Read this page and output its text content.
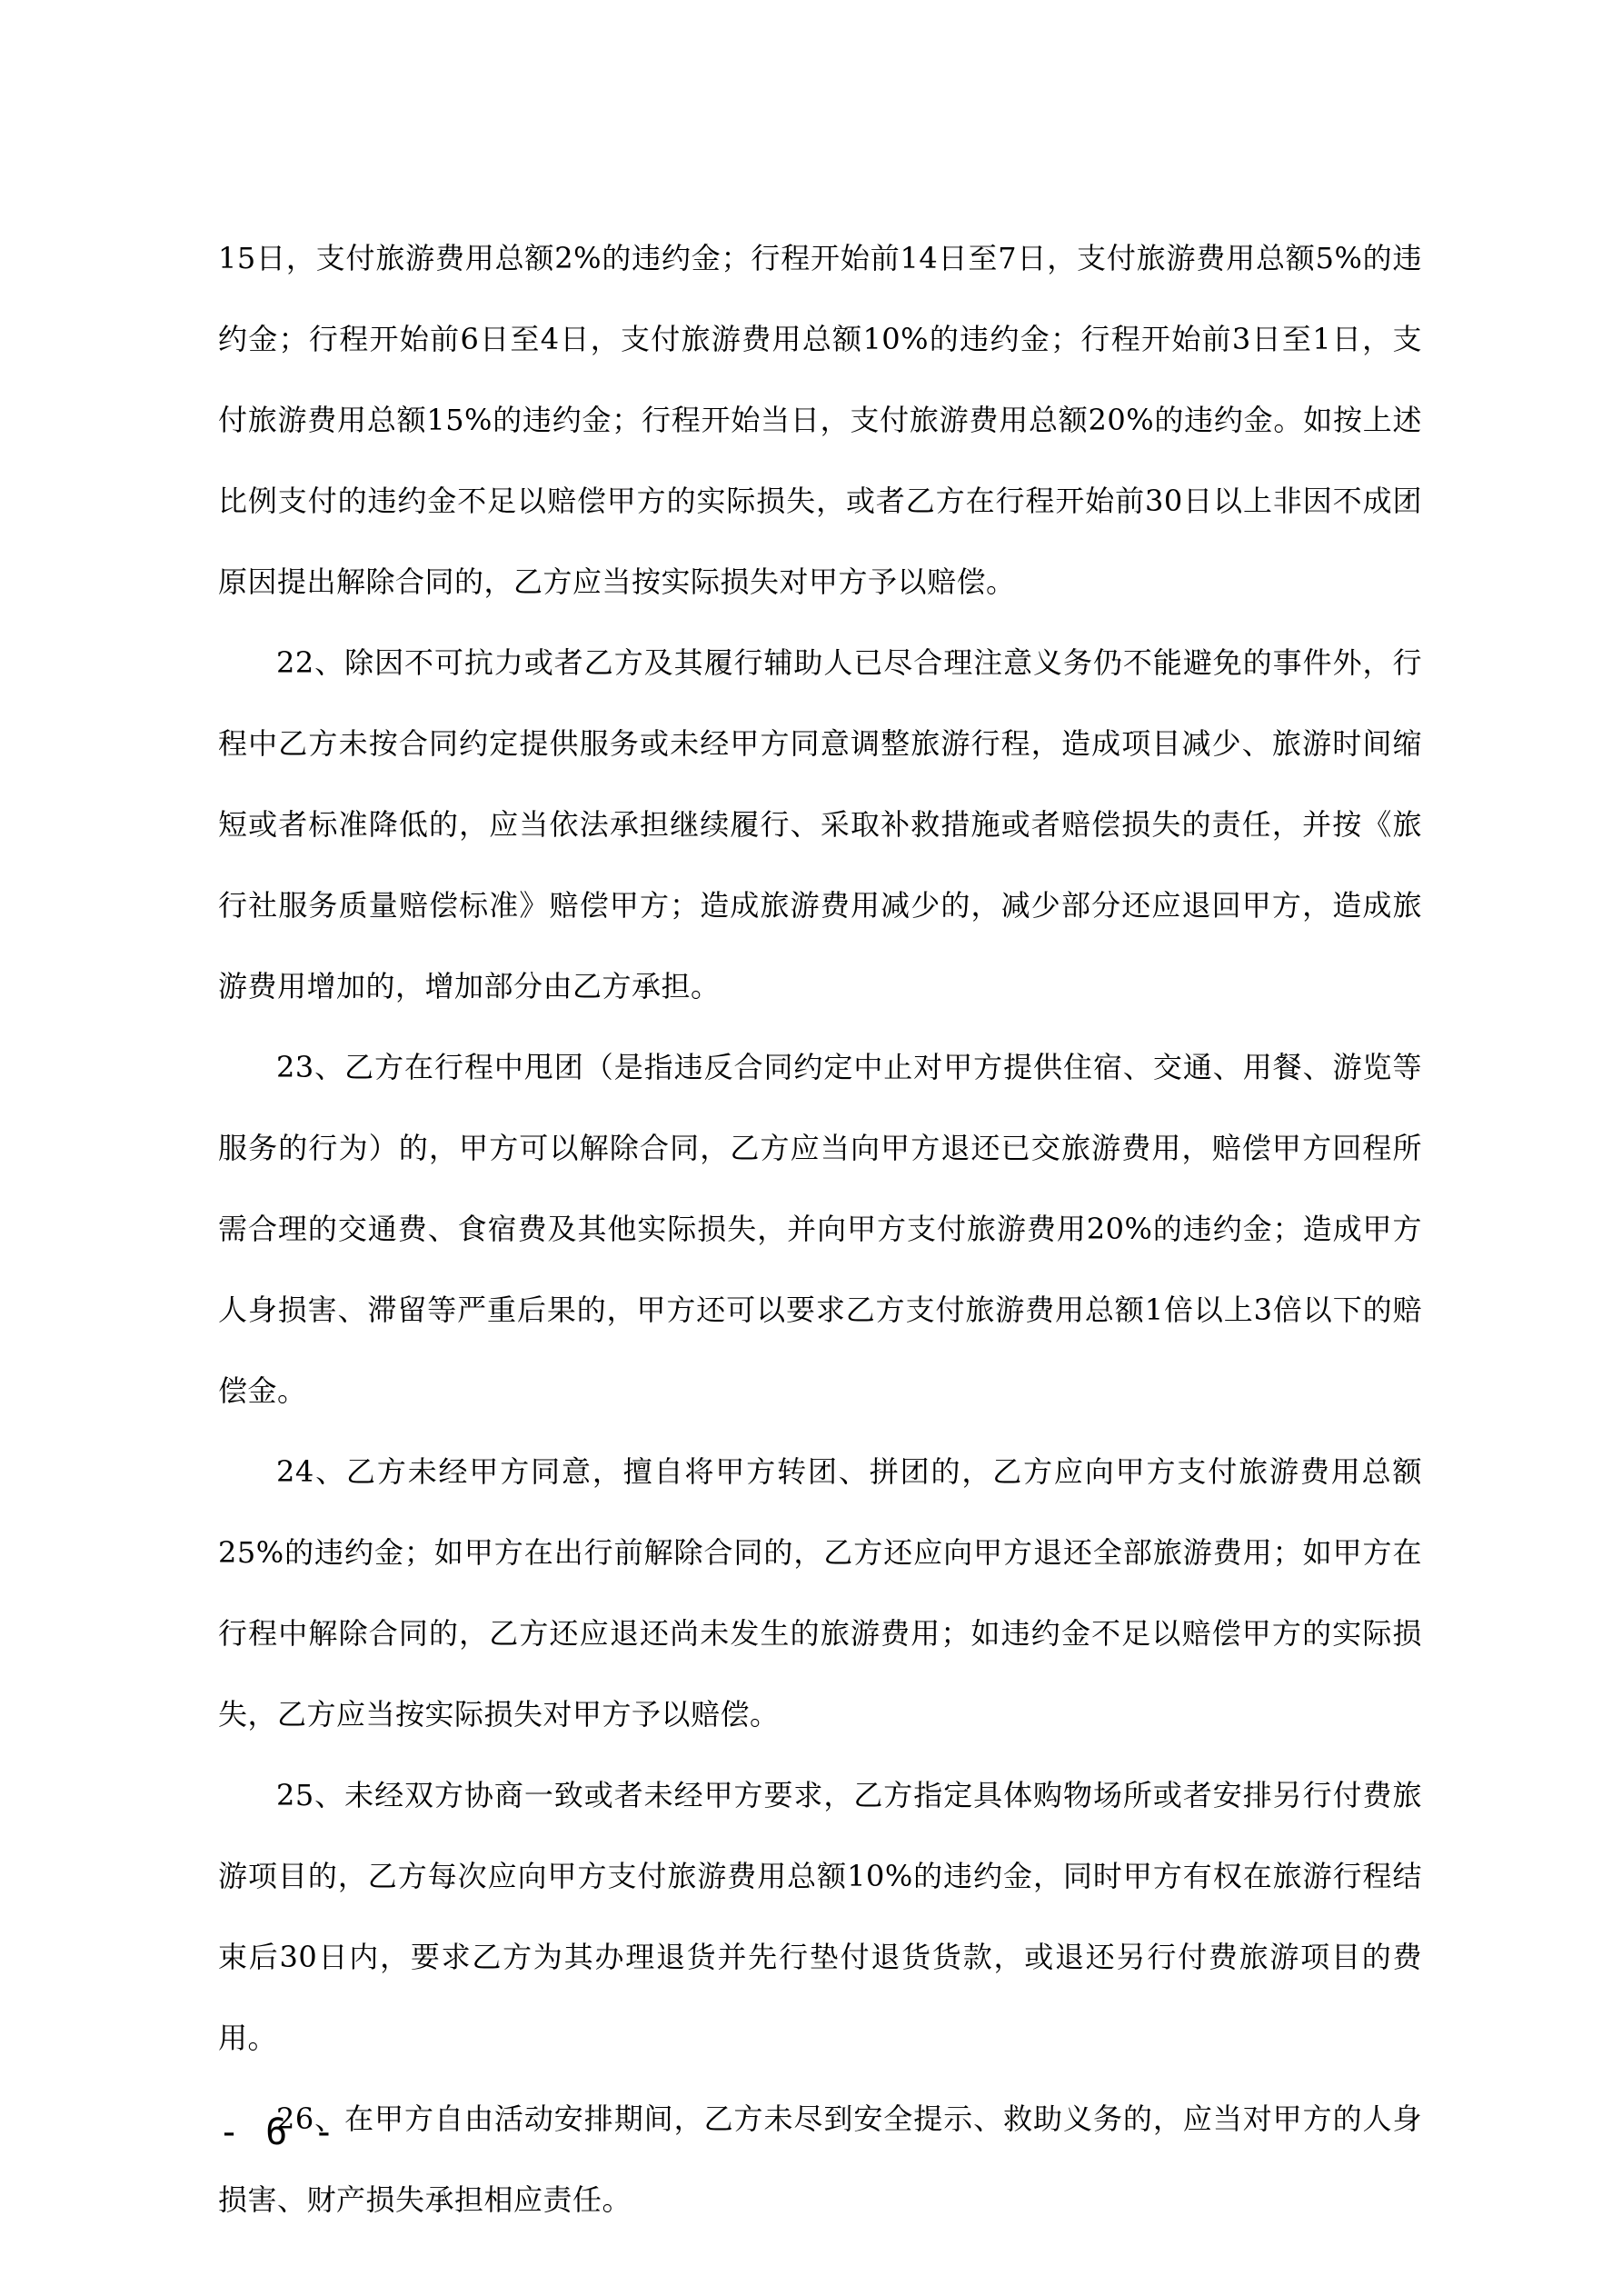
15日，支付旅游费用总额2%的违约金；行程开始前14日至7日，支付旅游费用总额5%的违约金；行程开始前6日至4日，支付旅游费用总额10%的违约金；行程开始前3日至1日，支付旅游费用总额15%的违约金；行程开始当日，支付旅游费用总额20%的违约金。如按上述比例支付的违约金不足以赔偿甲方的实际损失，或者乙方在行程开始前30日以上非因不成团原因提出解除合同的，乙方应当按实际损失对甲方予以赔偿。

22、除因不可抗力或者乙方及其履行辅助人已尽合理注意义务仍不能避免的事件外，行程中乙方未按合同约定提供服务或未经甲方同意调整旅游行程，造成项目减少、旅游时间缩短或者标准降低的，应当依法承担继续履行、采取补救措施或者赔偿损失的责任，并按《旅行社服务质量赔偿标准》赔偿甲方；造成旅游费用减少的，减少部分还应退回甲方，造成旅游费用增加的，增加部分由乙方承担。

23、乙方在行程中甩团（是指违反合同约定中止对甲方提供住宿、交通、用餐、游览等服务的行为）的，甲方可以解除合同，乙方应当向甲方退还已交旅游费用，赔偿甲方回程所需合理的交通费、食宿费及其他实际损失，并向甲方支付旅游费用20%的违约金；造成甲方人身损害、滞留等严重后果的，甲方还可以要求乙方支付旅游费用总额1倍以上3倍以下的赔偿金。

24、乙方未经甲方同意，擅自将甲方转团、拼团的，乙方应向甲方支付旅游费用总额25%的违约金；如甲方在出行前解除合同的，乙方还应向甲方退还全部旅游费用；如甲方在行程中解除合同的，乙方还应退还尚未发生的旅游费用；如违约金不足以赔偿甲方的实际损失，乙方应当按实际损失对甲方予以赔偿。

25、未经双方协商一致或者未经甲方要求，乙方指定具体购物场所或者安排另行付费旅游项目的，乙方每次应向甲方支付旅游费用总额10%的违约金，同时甲方有权在旅游行程结束后30日内，要求乙方为其办理退货并先行垫付退货货款，或退还另行付费旅游项目的费用。

26、在甲方自由活动安排期间，乙方未尽到安全提示、救助义务的，应当对甲方的人身损害、财产损失承担相应责任。

- 6 -
